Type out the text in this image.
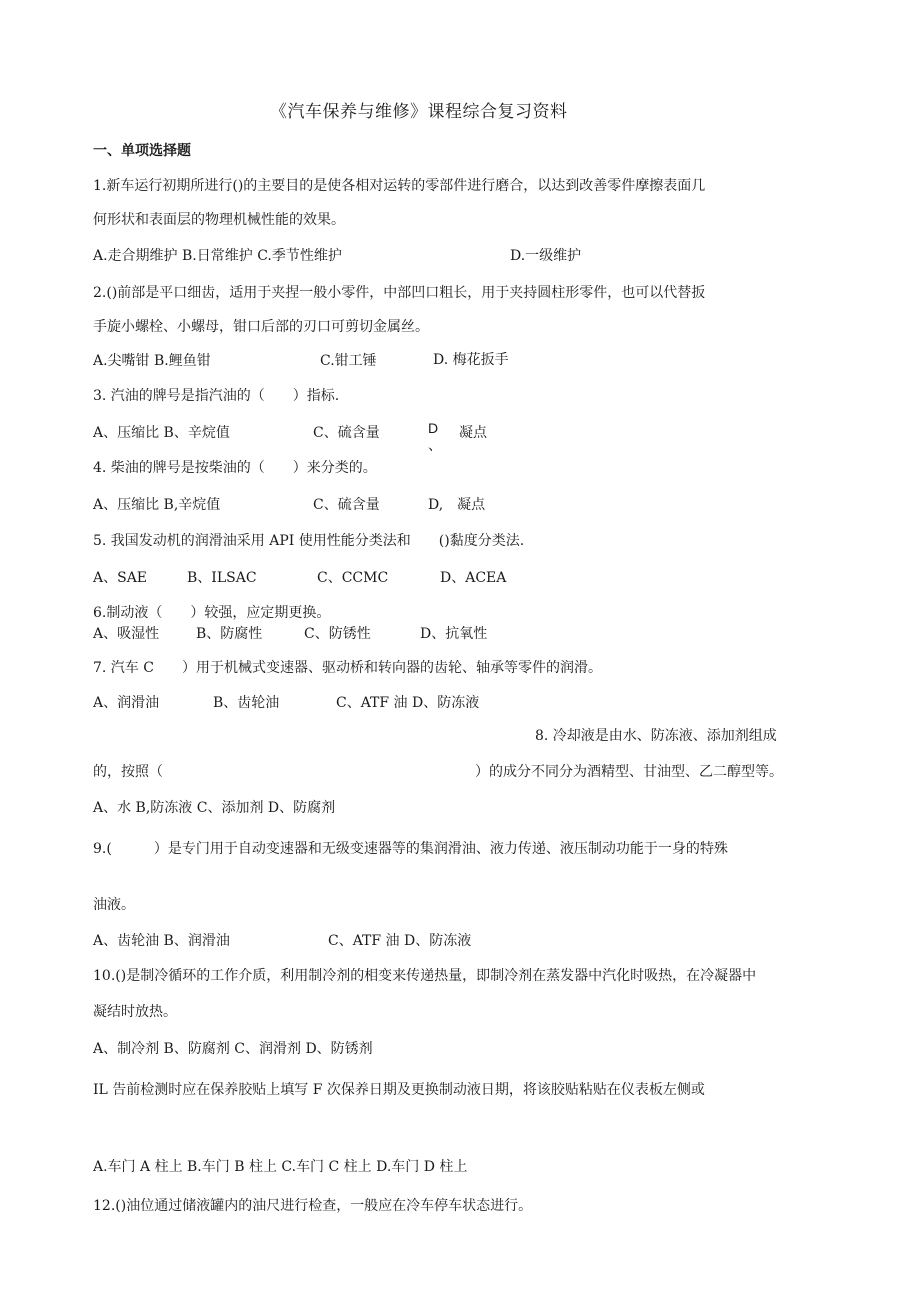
《汽车保养与维修》课程综合复习资料
一、单项选择题
1.新车运行初期所进行()的主要目的是使各相对运转的零部件进行磨合，以达到改善零件摩擦表面几
何形状和表面层的物理机械性能的效果。
A.走合期维护 B.日常维护 C.季节性维护	D.一级维护
2.()前部是平口细齿，适用于夹捏一般小零件，中部凹口粗长，用于夹持圆柱形零件，也可以代替扳
手旋小螺栓、小螺母，钳口后部的刃口可剪切金属丝。
A.尖嘴钳 B.鲤鱼钳	C.钳工锤	D. 梅花扳手
3. 汽油的牌号是指汽油的（　　）指标.
A、压缩比 B、辛烷值	C、硫含量	D
、
凝点
4. 柴油的牌号是按柴油的（　　）来分类的。
A、压缩比 B,辛烷值	C、硫含量	D,　凝点
5. 我国发动机的润滑油采用 API 使用性能分类法和　　()黏度分类法.
A、SAE	B、ILSAC	C、CCMC	D、ACEA
6.制动液（　　）较强，应定期更换。
A、吸湿性	B、防腐性	C、防锈性	D、抗氧性
7. 汽车 C　　）用于机械式变速器、驱动桥和转向器的齿轮、轴承等零件的润滑。
A、润滑油	B、齿轮油	C、ATF 油 D、防冻液
8. 冷却液是由水、防冻液、添加剂组成
的，按照（	）的成分不同分为酒精型、甘油型、乙二醇型等。
A、水 B,防冻液 C、添加剂 D、防腐剂
9.(　　　）是专门用于自动变速器和无级变速器等的集润滑油、液力传递、液压制动功能于一身的特殊
油液。
A、齿轮油 B、润滑油	C、ATF 油 D、防冻液
10.()是制冷循环的工作介质，利用制冷剂的相变来传递热量，即制冷剂在蒸发器中汽化时吸热，在冷凝器中
凝结时放热。
A、制冷剂 B、防腐剂 C、润滑剂 D、防锈剂
IL 告前检测时应在保养胶贴上填写 F 次保养日期及更换制动液日期，将该胶贴粘贴在仪表板左侧或
A.车门 A 柱上 B.车门 B 柱上 C.车门 C 柱上 D.车门 D 柱上
12.()油位通过储液罐内的油尺进行检查，一般应在冷车停车状态进行。
